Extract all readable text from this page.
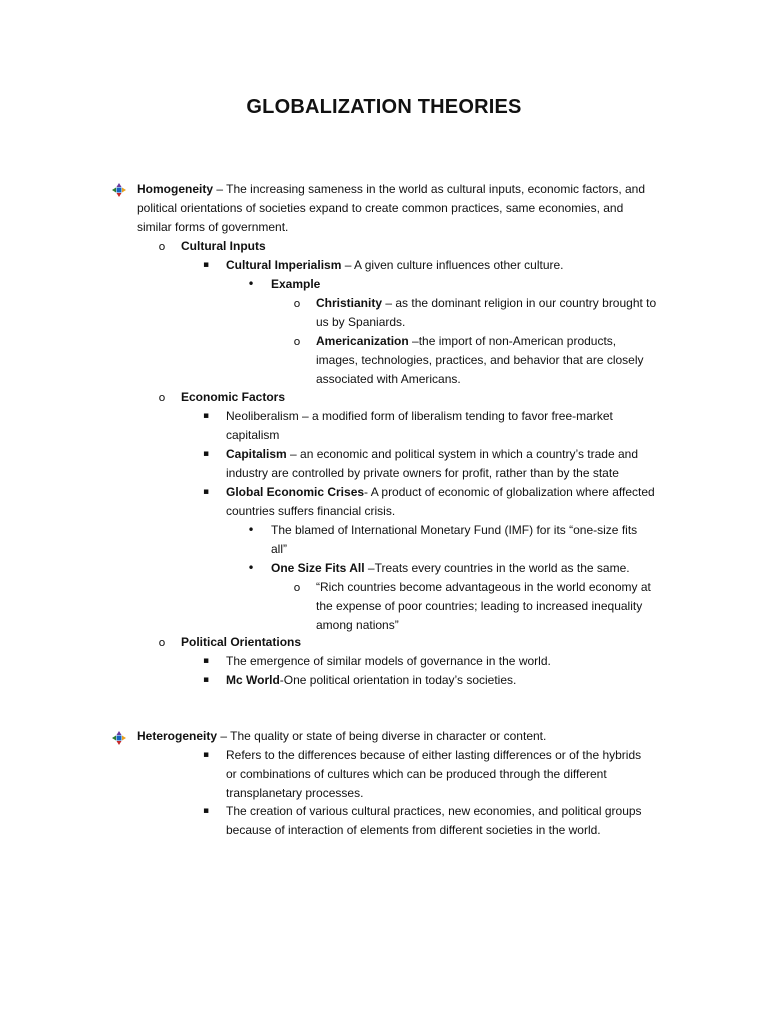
GLOBALIZATION THEORIES
Homogeneity – The increasing sameness in the world as cultural inputs, economic factors, and
political orientations of societies expand to create common practices, same economies, and
similar forms of government.
o	Cultural Inputs
▪	Cultural Imperialism – A given culture influences other culture.
• Example
o	Christianity – as the dominant religion in our country brought to
us by Spaniards.
o	Americanization –the import of non-American products,
images, technologies, practices, and behavior that are closely
associated with Americans.
o	Economic Factors
▪	Neoliberalism – a modified form of liberalism tending to favor free-market
capitalism
▪	Capitalism – an economic and political system in which a country’s trade and
industry are controlled by private owners for profit, rather than by the state
▪	Global Economic Crises- A product of economic of globalization where affected
countries suffers financial crisis.
• The blamed of International Monetary Fund (IMF) for its “one-size fits
all”
• One Size Fits All –Treats every countries in the world as the same.
o	“Rich countries become advantageous in the world economy at
the expense of poor countries; leading to increased inequality
among nations”
o	Political Orientations
▪	The emergence of similar models of governance in the world.
▪	Mc World-One political orientation in today’s societies.
Heterogeneity – The quality or state of being diverse in character or content.
▪	Refers to the differences because of either lasting differences or of the hybrids
or combinations of cultures which can be produced through the different
transplanetary processes.
▪	The creation of various cultural practices, new economies, and political groups
because of interaction of elements from different societies in the world.
